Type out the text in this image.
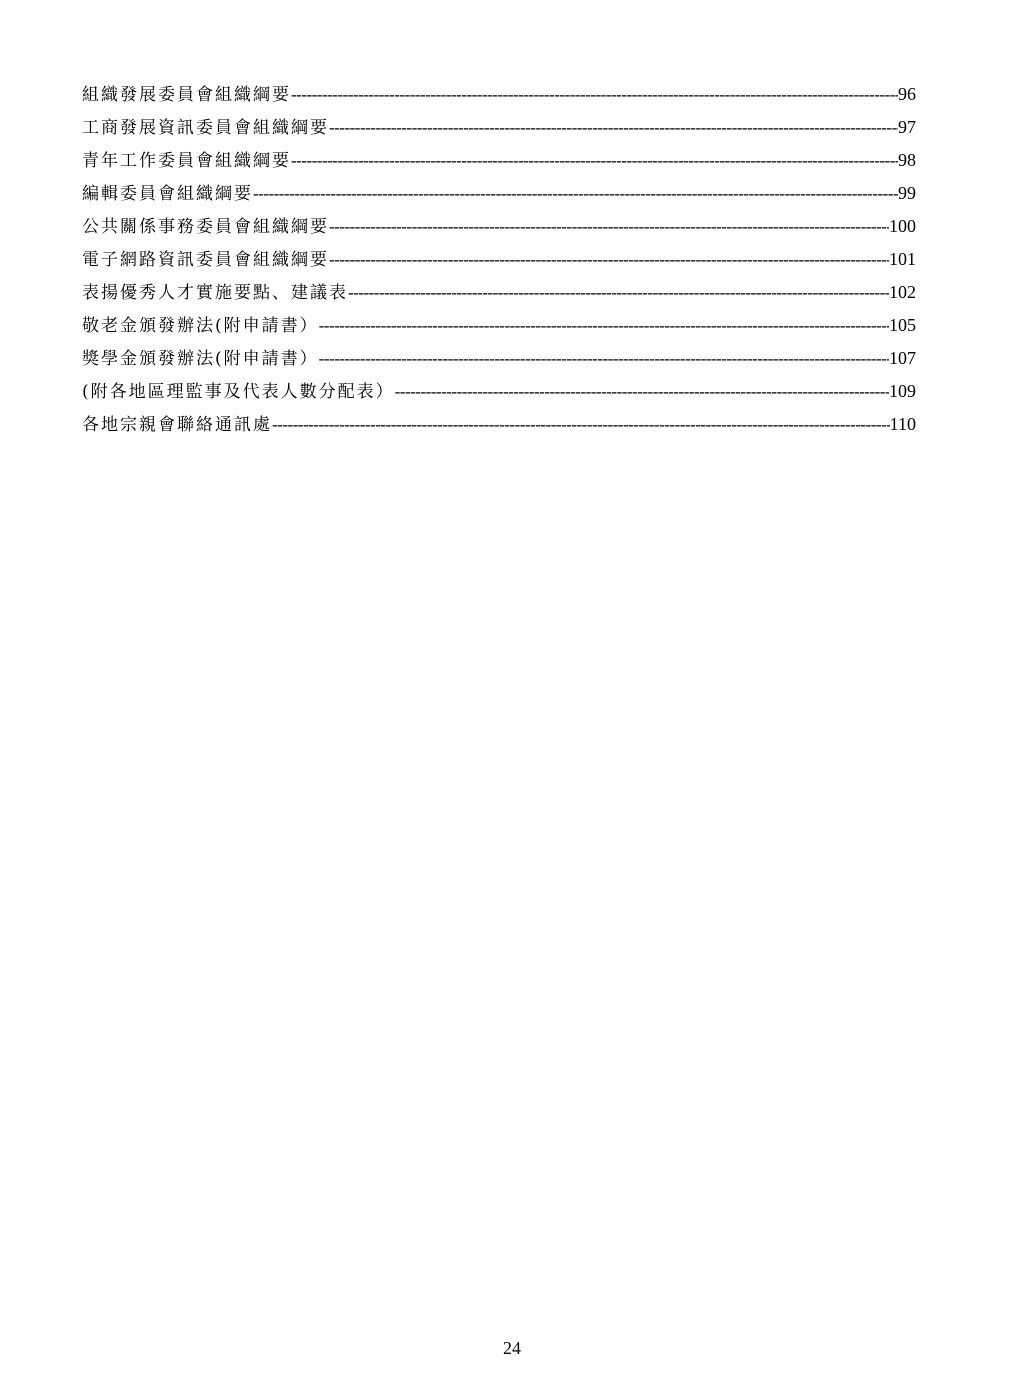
組織發展委員會組織綱要 -----	96
工商發展資訊委員會組織綱要 -----	97
青年工作委員會組織綱要 -----	98
編輯委員會組織綱要 -----	99
公共關係事務委員會組織綱要 -----	100
電子網路資訊委員會組織綱要 -----	101
表揚優秀人才實施要點、建議表 -----	102
敬老金頒發辦法(附申請書） -----	105
獎學金頒發辦法(附申請書） -----	107
(附各地區理監事及代表人數分配表） -----	109
各地宗親會聯絡通訊處 -----	110
24
